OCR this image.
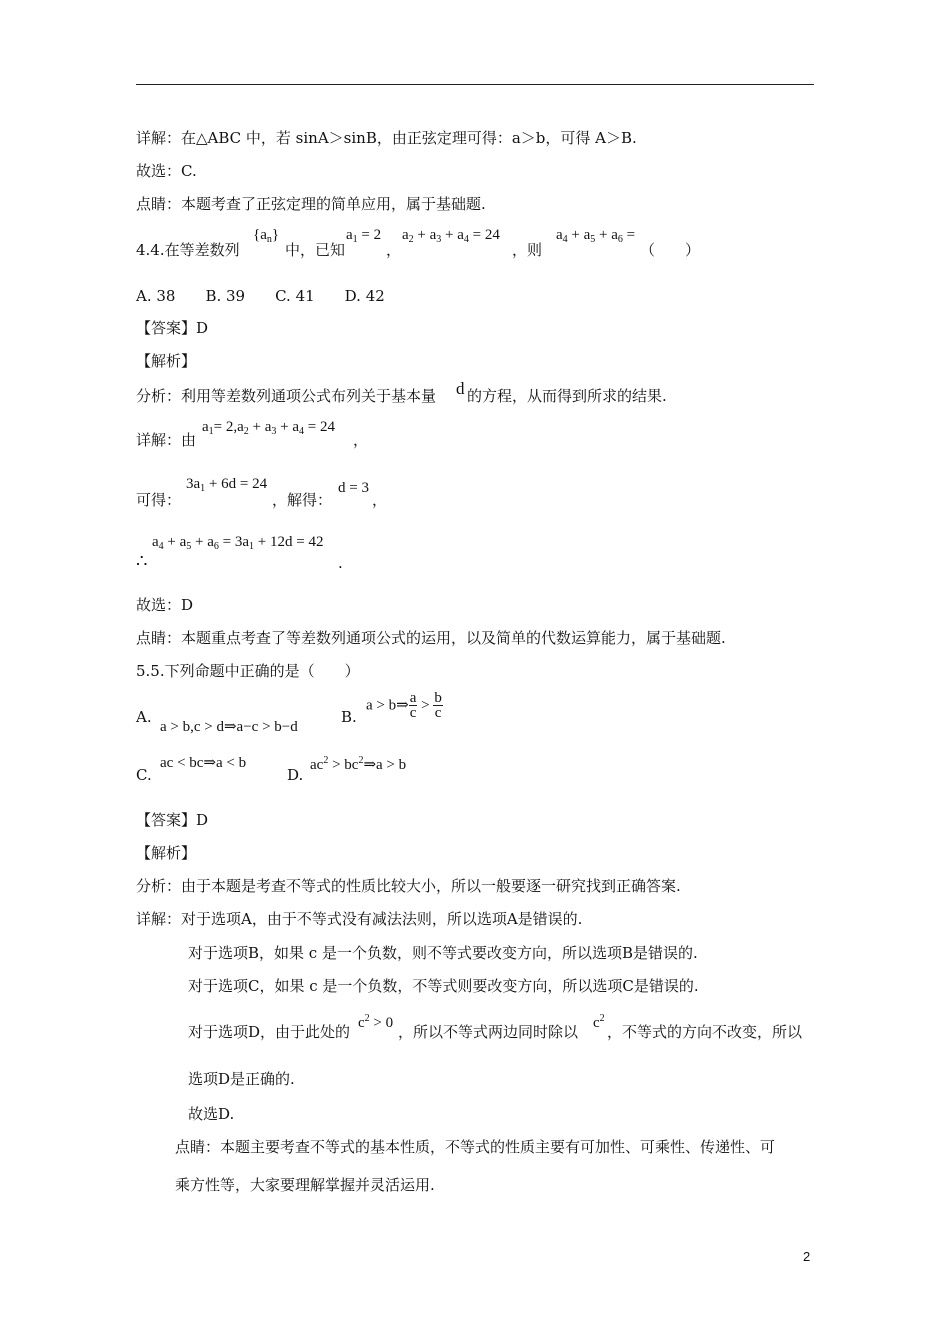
详解：在△ABC 中，若 sinA＞sinB，由正弦定理可得：a＞b，可得 A＞B.
故选：C.
点睛：本题考查了正弦定理的简单应用，属于基础题.
4.4.在等差数列
$\{a_n\}$
中，已知
$a_1 = 2$
，
$a_2 + a_3 + a_4 = 24$
，则
$a_4 + a_5 + a_6$ =
（　　）
A. 38　　B. 39　　C. 41　　D. 42
【答案】D
【解析】
分析：利用等差数列通项公式布列关于基本量 d 的方程，从而得到所求的结果.
详解：由
$a_1= 2,a_2 + a_3 + a_4 = 24$
，
可得：
$3a_1 + 6d = 24$
，解得：
d = 3
，
∴
$a_4 + a_5 + a_6 = 3a_1 + 12d = 42$
.
故选：D
点睛：本题重点考查了等差数列通项公式的运用，以及简单的代数运算能力，属于基础题.
5.5.下列命题中正确的是（　　）
A.
a > b,c > d⇒a−c > b−d
B.
a > b⇒ $\frac{a}{c} > \frac{b}{c}$
C.
ac < bc⇒a < b
D.
$ac^2$ > $bc^2\Rightarrow a > b$
【答案】D
【解析】
分析：由于本题是考查不等式的性质比较大小，所以一般要逐一研究找到正确答案.
详解：对于选项A，由于不等式没有减法法则，所以选项A是错误的.
对于选项B，如果 c 是一个负数，则不等式要改变方向，所以选项B是错误的.
对于选项C，如果 c 是一个负数，不等式则要改变方向，所以选项C是错误的.
对于选项D，由于此处的 $c^2 > 0$ ，所以不等式两边同时除以 $c^2$
，不等式的方向不改变，所以
选项D是正确的.
故选D.
点睛：本题主要考查不等式的基本性质，不等式的性质主要有可加性、可乘性、传递性、可
乘方性等，大家要理解掌握并灵活运用.
2
